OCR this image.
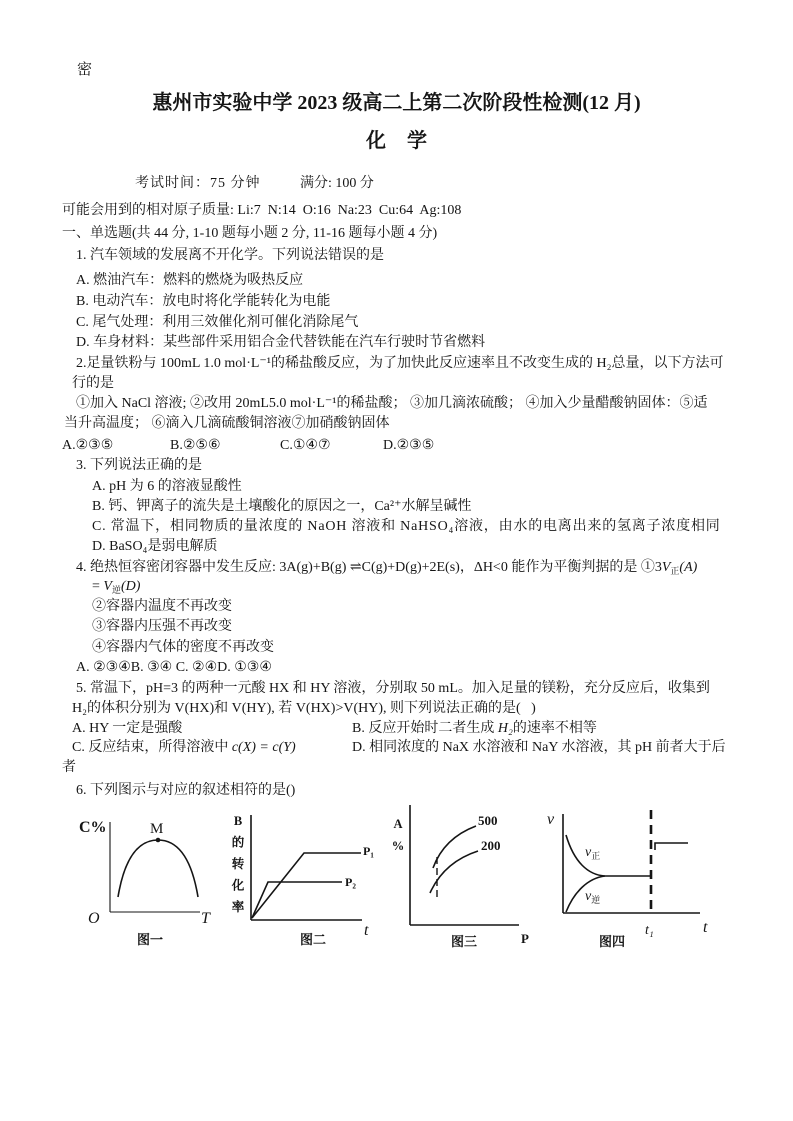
密
惠州市实验中学 2023 级高二上第二次阶段性检测(12 月)
化 学
考试时间：75 分钟	满分: 100 分
可能会用到的相对原子质量: Li:7  N:14  O:16  Na:23  Cu:64  Ag:108
一、单选题(共 44 分, 1-10 题每小题 2 分, 11-16 题每小题 4 分)
1. 汽车领域的发展离不开化学。下列说法错误的是
A. 燃油汽车：燃料的燃烧为吸热反应
B. 电动汽车：放电时将化学能转化为电能
C. 尾气处理：利用三效催化剂可催化消除尾气
D. 车身材料：某些部件采用铝合金代替铁能在汽车行驶时节省燃料
2.足量铁粉与 100mL 1.0 mol·L⁻¹的稀盐酸反应，为了加快此反应速率且不改变生成的 H₂总量，以下方法可
行的是
①加入 NaCl 溶液; ②改用 20mL5.0 mol·L⁻¹的稀盐酸； ③加几滴浓硫酸； ④加入少量醋酸钠固体：⑤适
当升高温度； ⑥滴入几滴硫酸铜溶液⑦加硝酸钠固体
A.②③⑤	B.②⑤⑥	C.①④⑦	D.②③⑤
3. 下列说法正确的是
A. pH 为 6 的溶液显酸性
B. 钙、钾离子的流失是土壤酸化的原因之一，Ca²⁺水解呈碱性
C. 常温下，相同物质的量浓度的 NaOH 溶液和 NaHSO₄溶液，由水的电离出来的氢离子浓度相同
D. BaSO₄是弱电解质
4. 绝热恒容密闭容器中发生反应: 3A(g)+B(g) ⇌C(g)+D(g)+2E(s)，ΔH<0 能作为平衡判据的是 $①3V_正(A)$
= $V_逆(D)$
②容器内温度不再改变
③容器内压强不再改变
④容器内气体的密度不再改变
A. ②③④B. ③④ C. ②④D. ①③④
5. 常温下，pH=3 的两种一元酸 HX 和 HY 溶液，分别取 50 mL。加入足量的镁粉，充分反应后，收集到
H₂的体积分别为 V(HX)和 V(HY), 若 V(HX)>V(HY), 则下列说法正确的是(   )
A. HY 一定是强酸	B. 反应开始时二者生成 H₂的速率不相等
C. 反应结束，所得溶液中 c(X) = c(Y)	D. 相同浓度的 NaX 水溶液和 NaY 水溶液，其 pH 前者大于后
者
6. 下列图示与对应的叙述相符的是()
C%	M
O	T
图一
B 的转化率
t
P₁
P₂
图二
A %
500
200
P
图三
v
$v_正$
$v_逆$
t₁	t
图四
